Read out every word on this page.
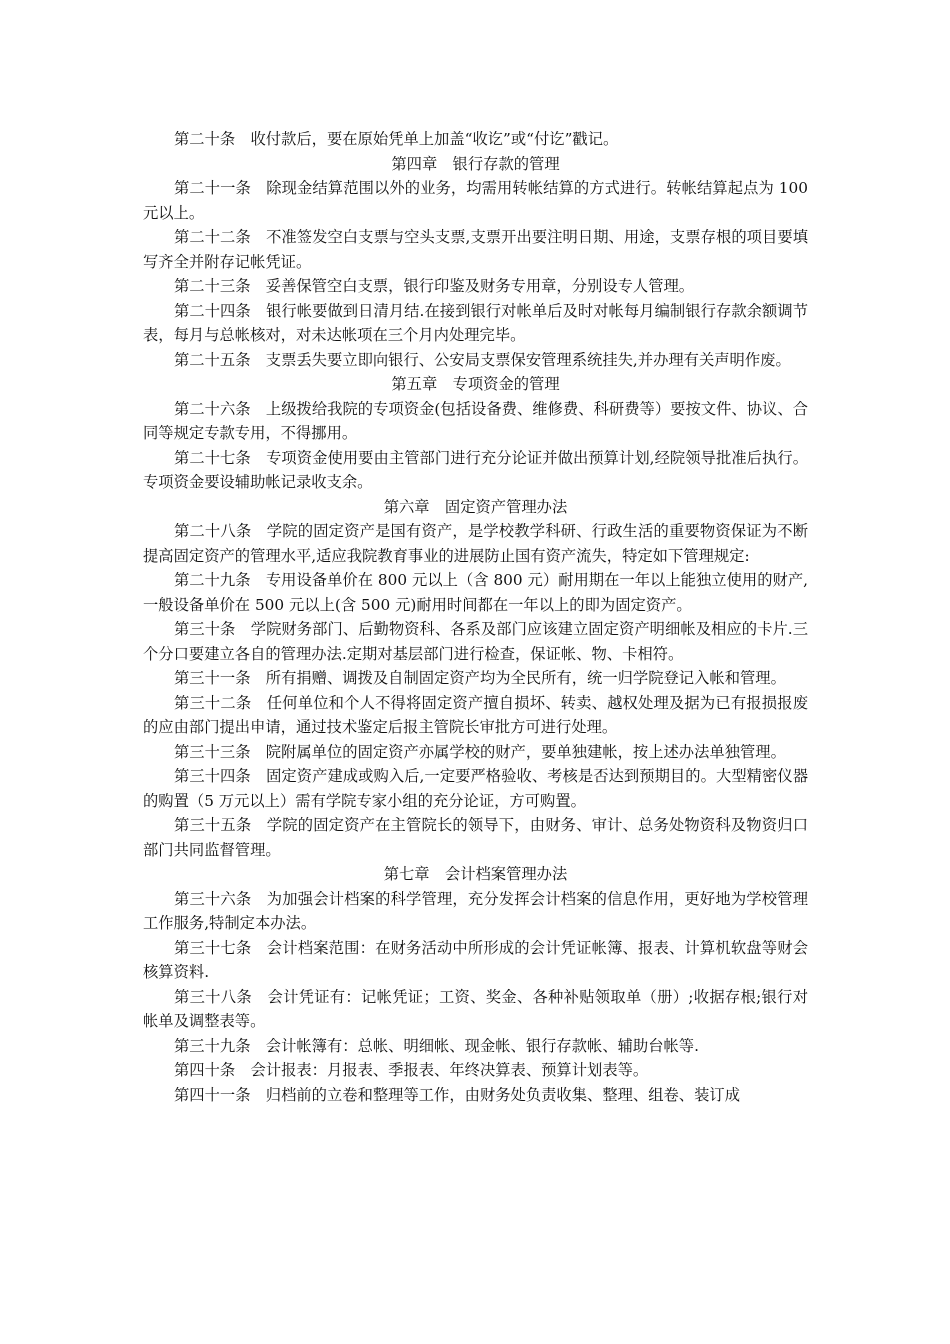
第二十条　收付款后，要在原始凭单上加盖“收讫”或“付讫”戳记。
第四章　银行存款的管理
第二十一条　除现金结算范围以外的业务，均需用转帐结算的方式进行。转帐结算起点为 100 元以上。
第二十二条　不准签发空白支票与空头支票,支票开出要注明日期、用途，支票存根的项目要填写齐全并附存记帐凭证。
第二十三条　妥善保管空白支票，银行印鉴及财务专用章，分别设专人管理。
第二十四条　银行帐要做到日清月结.在接到银行对帐单后及时对帐每月编制银行存款余额调节表，每月与总帐核对，对未达帐项在三个月内处理完毕。
第二十五条　支票丢失要立即向银行、公安局支票保安管理系统挂失,并办理有关声明作废。
第五章　专项资金的管理
第二十六条　上级拨给我院的专项资金(包括设备费、维修费、科研费等）要按文件、协议、合同等规定专款专用，不得挪用。
第二十七条　专项资金使用要由主管部门进行充分论证并做出预算计划,经院领导批准后执行。专项资金要设辅助帐记录收支余。
第六章　固定资产管理办法
第二十八条　学院的固定资产是国有资产，是学校教学科研、行政生活的重要物资保证为不断提高固定资产的管理水平,适应我院教育事业的进展防止国有资产流失，特定如下管理规定:
第二十九条　专用设备单价在 800 元以上（含 800 元）耐用期在一年以上能独立使用的财产,一般设备单价在 500 元以上(含 500 元)耐用时间都在一年以上的即为固定资产。
第三十条　学院财务部门、后勤物资科、各系及部门应该建立固定资产明细帐及相应的卡片.三个分口要建立各自的管理办法.定期对基层部门进行检查，保证帐、物、卡相符。
第三十一条　所有捐赠、调拨及自制固定资产均为全民所有，统一归学院登记入帐和管理。
第三十二条　任何单位和个人不得将固定资产擅自损坏、转卖、越权处理及据为已有报损报废的应由部门提出申请，通过技术鉴定后报主管院长审批方可进行处理。
第三十三条　院附属单位的固定资产亦属学校的财产，要单独建帐，按上述办法单独管理。
第三十四条　固定资产建成或购入后,一定要严格验收、考核是否达到预期目的。大型精密仪器的购置（5 万元以上）需有学院专家小组的充分论证，方可购置。
第三十五条　学院的固定资产在主管院长的领导下，由财务、审计、总务处物资科及物资归口部门共同监督管理。
第七章　会计档案管理办法
第三十六条　为加强会计档案的科学管理，充分发挥会计档案的信息作用，更好地为学校管理工作服务,特制定本办法。
第三十七条　会计档案范围：在财务活动中所形成的会计凭证帐簿、报表、计算机软盘等财会核算资料.
第三十八条　会计凭证有：记帐凭证；工资、奖金、各种补贴领取单（册）;收据存根;银行对帐单及调整表等。
第三十九条　会计帐簿有：总帐、明细帐、现金帐、银行存款帐、辅助台帐等.
第四十条　会计报表：月报表、季报表、年终决算表、预算计划表等。
第四十一条　归档前的立卷和整理等工作，由财务处负责收集、整理、组卷、装订成
